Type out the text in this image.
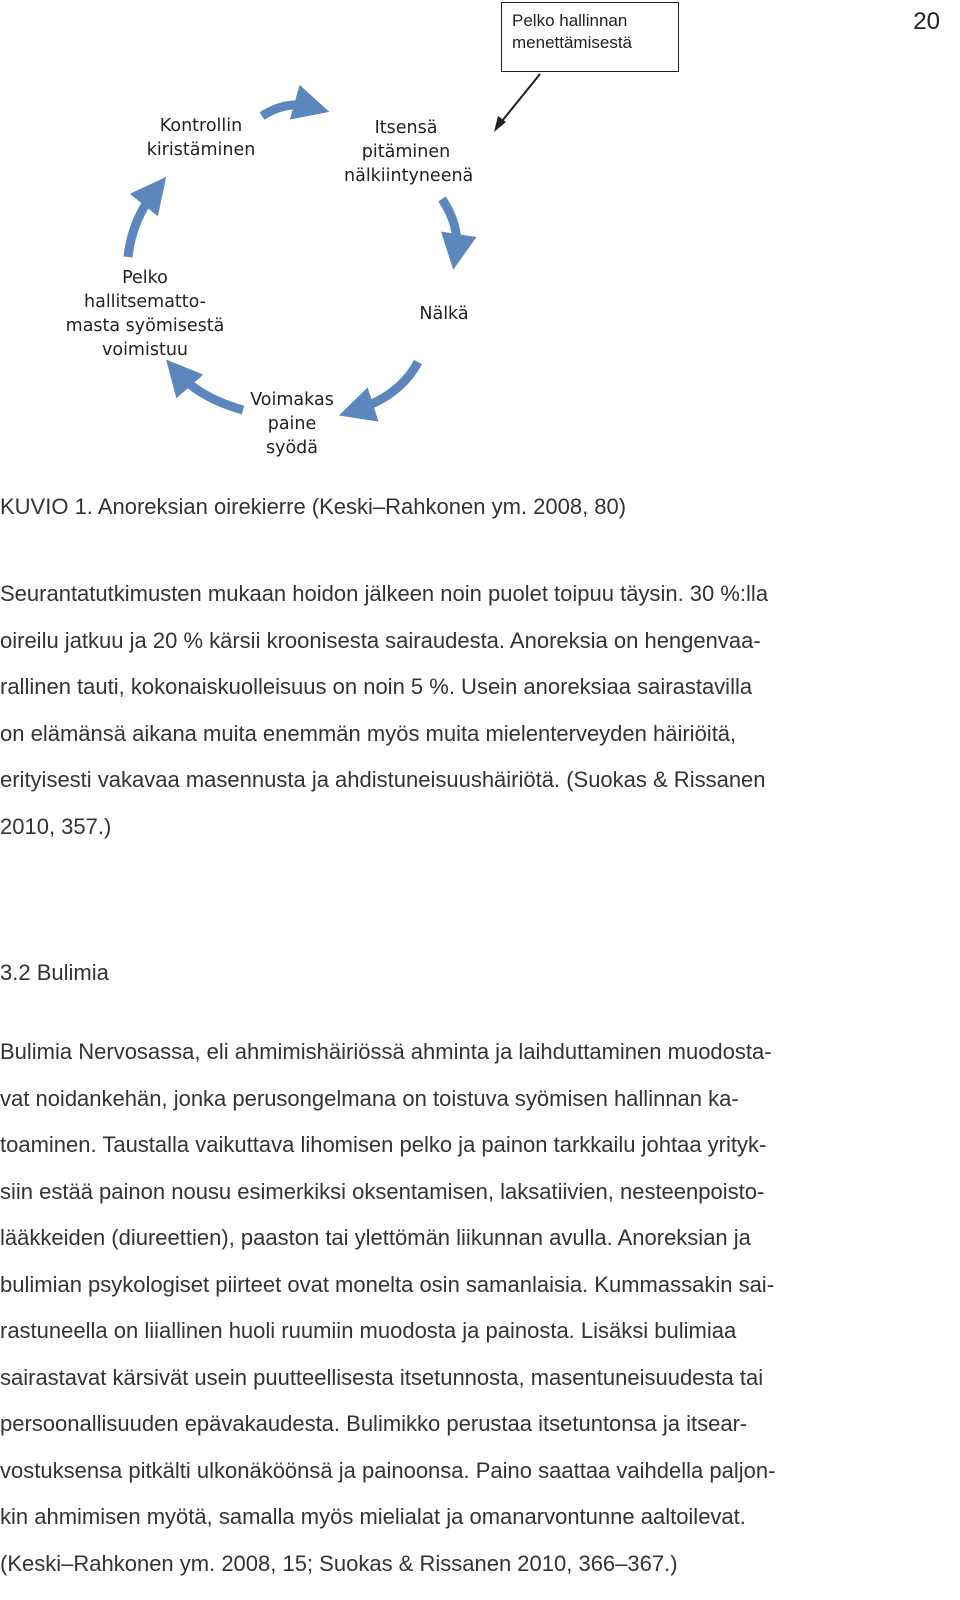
20
Pelko hallinnan
menettämisestä
Itsensä
pitäminen
nälkiintyneenä
Nälkä
Voimakas
paine
syödä
Pelko
hallitsematto-
masta syömisestä
voimistuu
Kontrollin
kiristäminen
KUVIO 1. Anoreksian oirekierre (Keski–Rahkonen ym. 2008, 80)

Seurantatutkimusten mukaan hoidon jälkeen noin puolet toipuu täysin. 30 %:lla
oireilu jatkuu ja 20 % kärsii kroonisesta sairaudesta. Anoreksia on hengenvaa-
rallinen tauti, kokonaiskuolleisuus on noin 5 %. Usein anoreksiaa sairastavilla
on elämänsä aikana muita enemmän myös muita mielenterveyden häiriöitä,
erityisesti vakavaa masennusta ja ahdistuneisuushäiriötä. (Suokas & Rissanen
2010, 357.)

3.2 Bulimia

Bulimia Nervosassa, eli ahmimishäiriössä ahminta ja laihduttaminen muodosta-
vat noidankehän, jonka perusongelmana on toistuva syömisen hallinnan ka-
toaminen. Taustalla vaikuttava lihomisen pelko ja painon tarkkailu johtaa yrityk-
siin estää painon nousu esimerkiksi oksentamisen, laksatiivien, nesteenpoisto-
lääkkeiden (diureettien), paaston tai ylettömän liikunnan avulla. Anoreksian ja
bulimian psykologiset piirteet ovat monelta osin samanlaisia. Kummassakin sai-
rastuneella on liiallinen huoli ruumiin muodosta ja painosta. Lisäksi bulimiaa
sairastavat kärsivät usein puutteellisesta itsetunnosta, masentuneisuudesta tai
persoonallisuuden epävakaudesta. Bulimikko perustaa itsetuntonsa ja itsear-
vostuksensa pitkälti ulkonäköönsä ja painoonsa. Paino saattaa vaihdella paljon-
kin ahmimisen myötä, samalla myös mielialat ja omanarvontunne aaltoilevat.
(Keski–Rahkonen ym. 2008, 15; Suokas & Rissanen 2010, 366–367.)
